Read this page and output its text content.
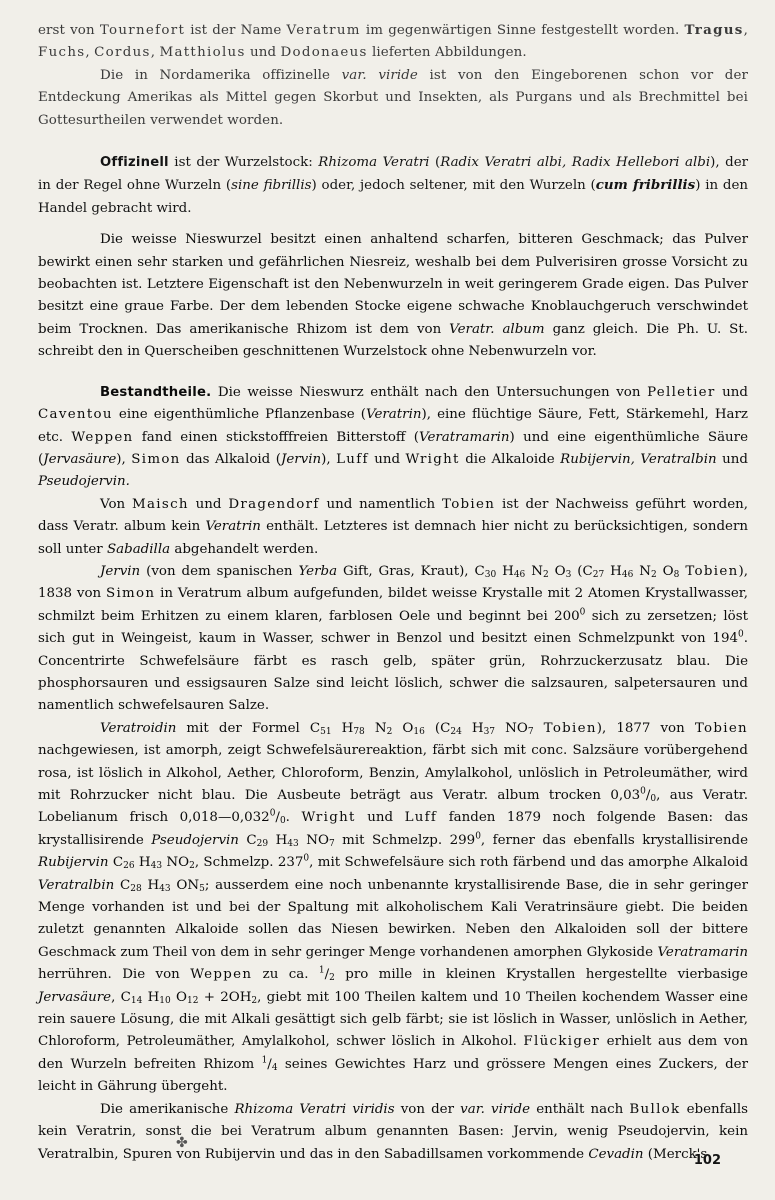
erst von Tournefort ist der Name Veratrum im gegenwärtigen Sinne festgestellt worden. Tragus, Fuchs, Cordus, Matthiolus und Dodonaeus lieferten Abbildungen.

Die in Nordamerika offizinelle var. viride ist von den Eingeborenen schon vor der Entdeckung Amerikas als Mittel gegen Skorbut und Insekten, als Purgans und als Brechmittel bei Gottesurtheilen verwendet worden.

Offizinell ist der Wurzelstock: Rhizoma Veratri (Radix Veratri albi, Radix Hellebori albi), der in der Regel ohne Wurzeln (sine fibrillis) oder, jedoch seltener, mit den Wurzeln (cum fribrillis) in den Handel gebracht wird.

Die weisse Nieswurzel besitzt einen anhaltend scharfen, bitteren Geschmack; das Pulver bewirkt einen sehr starken und gefährlichen Niesreiz, weshalb bei dem Pulverisiren grosse Vorsicht zu beobachten ist. Letztere Eigenschaft ist den Nebenwurzeln in weit geringerem Grade eigen. Das Pulver besitzt eine graue Farbe. Der dem lebenden Stocke eigene schwache Knoblauchgeruch verschwindet beim Trocknen. Das amerikanische Rhizom ist dem von Veratr. album ganz gleich. Die Ph. U. St. schreibt den in Querscheiben geschnittenen Wurzelstock ohne Nebenwurzeln vor.

Bestandtheile. Die weisse Nieswurz enthält nach den Untersuchungen von Pelletier und Caventou eine eigenthümliche Pflanzenbase (Veratrin), eine flüchtige Säure, Fett, Stärkemehl, Harz etc. Weppen fand einen stickstofffreien Bitterstoff (Veratramarin) und eine eigenthümliche Säure (Jervasäure), Simon das Alkaloid (Jervin), Luff und Wright die Alkaloide Rubijervin, Veratralbin und Pseudojervin.

Von Maisch und Dragendorf und namentlich Tobien ist der Nachweiss geführt worden, dass Veratr. album kein Veratrin enthält. Letzteres ist demnach hier nicht zu berücksichtigen, sondern soll unter Sabadilla abgehandelt werden.

Jervin (von dem spanischen Yerba Gift, Gras, Kraut), $C_{30}$ $H_{46}$ $N_2$ $O_3$ ($C_{27}$ $H_{46}$ $N_2$ $O_8$ Tobien), 1838 von Simon in Veratrum album aufgefunden, bildet weisse Krystalle mit 2 Atomen Krystallwasser, schmilzt beim Erhitzen zu einem klaren, farblosen Oele und beginnt bei $200^0$ sich zu zersetzen; löst sich gut in Weingeist, kaum in Wasser, schwer in Benzol und besitzt einen Schmelzpunkt von $194^0$. Concentrirte Schwefelsäure färbt es rasch gelb, später grün, Rohrzuckerzusatz blau. Die phosphorsauren und essigsauren Salze sind leicht löslich, schwer die salzsauren, salpetersauren und namentlich schwefelsauren Salze.

Veratroidin mit der Formel $C_{51}$ $H_{78}$ $N_2$ $O_{16}$ ($C_{24}$ $H_{37}$ $NO_7$ Tobien), 1877 von Tobien nachgewiesen, ist amorph, zeigt Schwefelsäurereaktion, färbt sich mit conc. Salzsäure vorübergehend rosa, ist löslich in Alkohol, Aether, Chloroform, Benzin, Amylalkohol, unlöslich in Petroleumäther, wird mit Rohrzucker nicht blau. Die Ausbeute beträgt aus Veratr. album trocken $0,03^0/_0$, aus Veratr. Lobelianum frisch $0,018—0,032^0/_0$. Wright und Luff fanden 1879 noch folgende Basen: das krystallisirende Pseudojervin $C_{29}$ $H_{43}$ $NO_7$ mit Schmelzp. $299^0$, ferner das ebenfalls krystallisirende Rubijervin $C_{26}$ $H_{43}$ $NO_2$, Schmelzp. $237^0$, mit Schwefelsäure sich roth färbend und das amorphe Alkaloid Veratralbin $C_{28}$ $H_{43}$ $ON_5$; ausserdem eine noch unbenannte krystallisirende Base, die in sehr geringer Menge vorhanden ist und bei der Spaltung mit alkoholischem Kali Veratrinsäure giebt. Die beiden zuletzt genannten Alkaloide sollen das Niesen bewirken. Neben den Alkaloiden soll der bittere Geschmack zum Theil von dem in sehr geringer Menge vorhandenen amorphen Glykoside Veratramarin herrühren. Die von Weppen zu ca. $^1/_2$ pro mille in kleinen Krystallen hergestellte vierbasige Jervasäure, $C_{14}$ $H_{10}$ $O_{12} + 2OH_2$, giebt mit 100 Theilen kaltem und 10 Theilen kochendem Wasser eine rein sauere Lösung, die mit Alkali gesättigt sich gelb färbt; sie ist löslich in Wasser, unlöslich in Aether, Chloroform, Petroleumäther, Amylalkohol, schwer löslich in Alkohol. Flückiger erhielt aus dem von den Wurzeln befreiten Rhizom $^1/_4$ seines Gewichtes Harz und grössere Mengen eines Zuckers, der leicht in Gährung übergeht.

Die amerikanische Rhizoma Veratri viridis von der var. viride enthält nach Bullok ebenfalls kein Veratrin, sonst die bei Veratrum album genannten Basen: Jervin, wenig Pseudojervin, kein Veratralbin, Spuren von Rubijervin und das in den Sabadillsamen vorkommende Cevadin (Merck's

✤
102
